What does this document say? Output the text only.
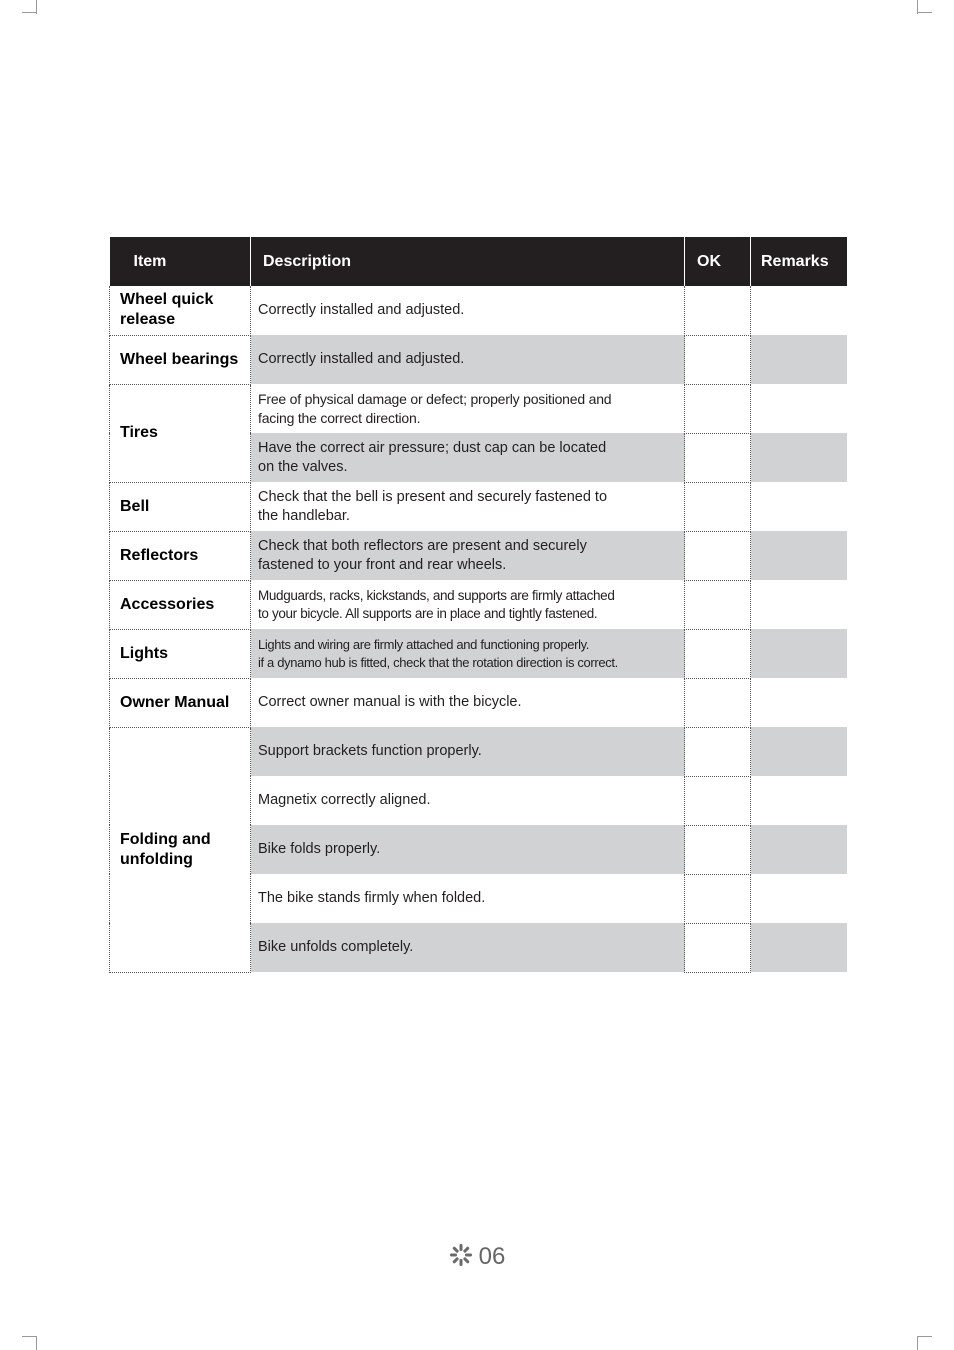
Item	Description	OK	Remarks
Wheel quick
release	Correctly installed and adjusted.		
Wheel bearings	Correctly installed and adjusted.		
Tires	Free of physical damage or defect; properly positioned and
facing the correct direction.		
	Have the correct air pressure; dust cap can be located
on the valves.		
Bell	Check that the bell is present and securely fastened to
the handlebar.		
Reflectors	Check that both reflectors are present and securely
fastened to your front and rear wheels.		
Accessories	Mudguards, racks, kickstands, and supports are firmly attached
to your bicycle. All supports are in place and tightly fastened.		
Lights	Lights and wiring are firmly attached and functioning properly.
if a dynamo hub is fitted, check that the rotation direction is correct.		
Owner Manual	Correct owner manual is with the bicycle.		
Folding and
unfolding	Support brackets function properly.		
	Magnetix correctly aligned.		
	Bike folds properly.		
	The bike stands firmly when folded.		
	Bike unfolds completely.		
06
